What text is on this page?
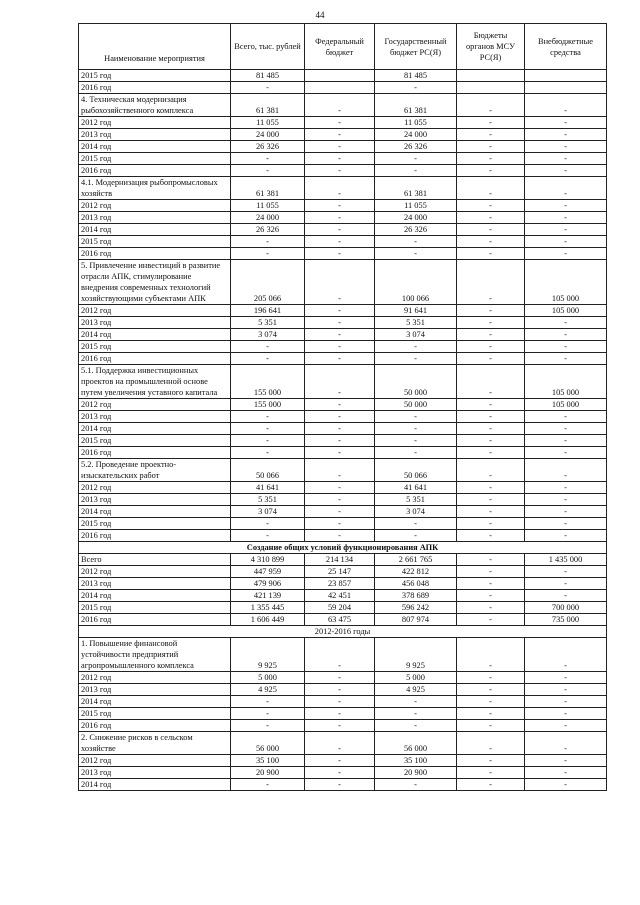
44
Наименование мероприятия	Всего, тыс. рублей	Федеральный бюджет	Государственный бюджет РС(Я)	Бюджеты органов МСУ РС(Я)	Внебюджетные средства
2015 год	81 485		81 485		
2016 год	-		-		
4. Техническая модернизация рыбохозяйственного комплекса	61 381	-	61 381	-	-
2012 год	11 055	-	11 055	-	-
2013 год	24 000	-	24 000	-	-
2014 год	26 326	-	26 326	-	-
2015 год	-	-	-	-	-
2016 год	-	-	-	-	-
4.1. Модернизация рыбопромысловых хозяйств	61 381	-	61 381	-	-
2012 год	11 055	-	11 055	-	-
2013 год	24 000	-	24 000	-	-
2014 год	26 326	-	26 326	-	-
2015 год	-	-	-	-	-
2016 год	-	-	-	-	-
5. Привлечение инвестиций в развитие отрасли АПК, стимулирование внедрения современных технологий хозяйствующими субъектами АПК	205 066	-	100 066	-	105 000
2012 год	196 641	-	91 641	-	105 000
2013 год	5 351	-	5 351	-	-
2014 год	3 074	-	3 074	-	-
2015 год	-	-	-	-	-
2016 год	-	-	-	-	-
5.1. Поддержка инвестиционных проектов на промышленной основе путем увеличения уставного капитала	155 000	-	50 000	-	105 000
2012 год	155 000	-	50 000	-	105 000
2013 год	-	-	-	-	-
2014 год	-	-	-	-	-
2015 год	-	-	-	-	-
2016 год	-	-	-	-	-
5.2. Проведение проектно-изыскательских работ	50 066	-	50 066	-	-
2012 год	41 641	-	41 641	-	-
2013 год	5 351	-	5 351	-	-
2014 год	3 074	-	3 074	-	-
2015 год	-	-	-	-	-
2016 год	-	-	-	-	-
Создание общих условий функционирования АПК					
Всего	4 310 899	214 134	2 661 765	-	1 435 000
2012 год	447 959	25 147	422 812	-	-
2013 год	479 906	23 857	456 048	-	-
2014 год	421 139	42 451	378 689	-	-
2015 год	1 355 445	59 204	596 242	-	700 000
2016 год	1 606 449	63 475	807 974	-	735 000
2012-2016 годы					
1. Повышение финансовой устойчивости предприятий агропромышленного комплекса	9 925	-	9 925	-	-
2012 год	5 000	-	5 000	-	-
2013 год	4 925	-	4 925	-	-
2014 год	-	-	-	-	-
2015 год	-	-	-	-	-
2016 год	-	-	-	-	-
2. Снижение рисков в сельском хозяйстве	56 000	-	56 000	-	-
2012 год	35 100	-	35 100	-	-
2013 год	20 900	-	20 900	-	-
2014 год	-	-	-	-	-
